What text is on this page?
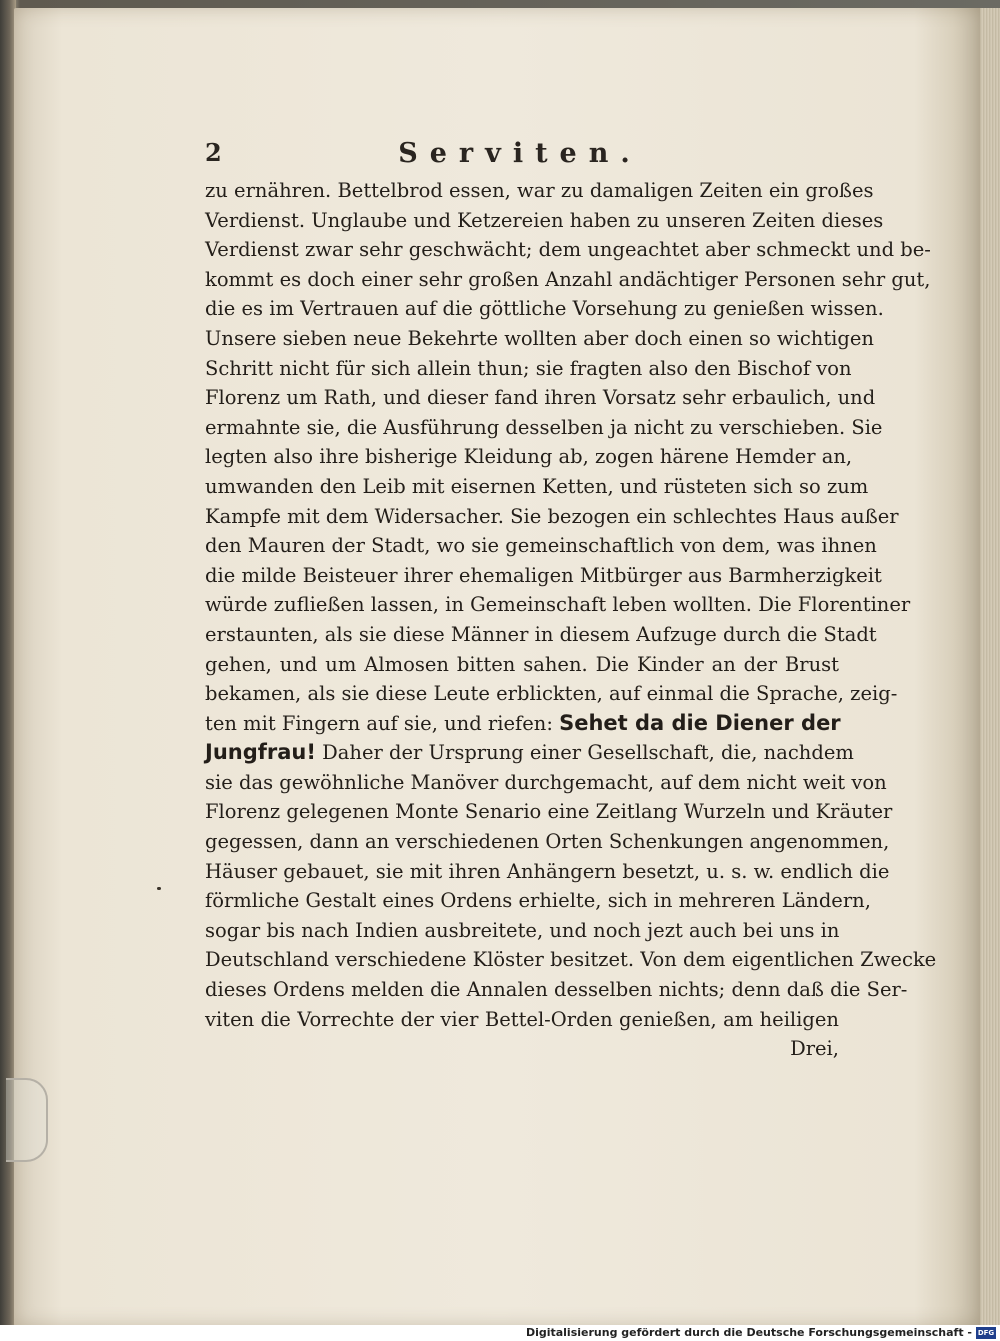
2	Serviten.
zu ernähren. Bettelbrod essen, war zu damaligen Zeiten ein großes
Verdienst. Unglaube und Ketzereien haben zu unseren Zeiten dieses
Verdienst zwar sehr geschwächt; dem ungeachtet aber schmeckt und be-
kommt es doch einer sehr großen Anzahl andächtiger Personen sehr gut,
die es im Vertrauen auf die göttliche Vorsehung zu genießen wissen.
Unsere sieben neue Bekehrte wollten aber doch einen so wichtigen
Schritt nicht für sich allein thun; sie fragten also den Bischof von
Florenz um Rath, und dieser fand ihren Vorsatz sehr erbaulich, und
ermahnte sie, die Ausführung desselben ja nicht zu verschieben. Sie
legten also ihre bisherige Kleidung ab, zogen härene Hemder an,
umwanden den Leib mit eisernen Ketten, und rüsteten sich so zum
Kampfe mit dem Widersacher. Sie bezogen ein schlechtes Haus außer
den Mauren der Stadt, wo sie gemeinschaftlich von dem, was ihnen
die milde Beisteuer ihrer ehemaligen Mitbürger aus Barmherzigkeit
würde zufließen lassen, in Gemeinschaft leben wollten. Die Florentiner
erstaunten, als sie diese Männer in diesem Aufzuge durch die Stadt
gehen, und um Almosen bitten sahen. Die Kinder an der Brust
bekamen, als sie diese Leute erblickten, auf einmal die Sprache, zeig-
ten mit Fingern auf sie, und riefen: Sehet da die Diener der
Jungfrau! Daher der Ursprung einer Gesellschaft, die, nachdem
sie das gewöhnliche Manöver durchgemacht, auf dem nicht weit von
Florenz gelegenen Monte Senario eine Zeitlang Wurzeln und Kräuter
gegessen, dann an verschiedenen Orten Schenkungen angenommen,
Häuser gebauet, sie mit ihren Anhängern besetzt, u. s. w. endlich die
förmliche Gestalt eines Ordens erhielte, sich in mehreren Ländern,
sogar bis nach Indien ausbreitete, und noch jezt auch bei uns in
Deutschland verschiedene Klöster besitzet. Von dem eigentlichen Zwecke
dieses Ordens melden die Annalen desselben nichts; denn daß die Ser-
viten die Vorrechte der vier Bettel-Orden genießen, am heiligen
Drei,
Digitalisierung gefördert durch die Deutsche Forschungsgemeinschaft - DFG
